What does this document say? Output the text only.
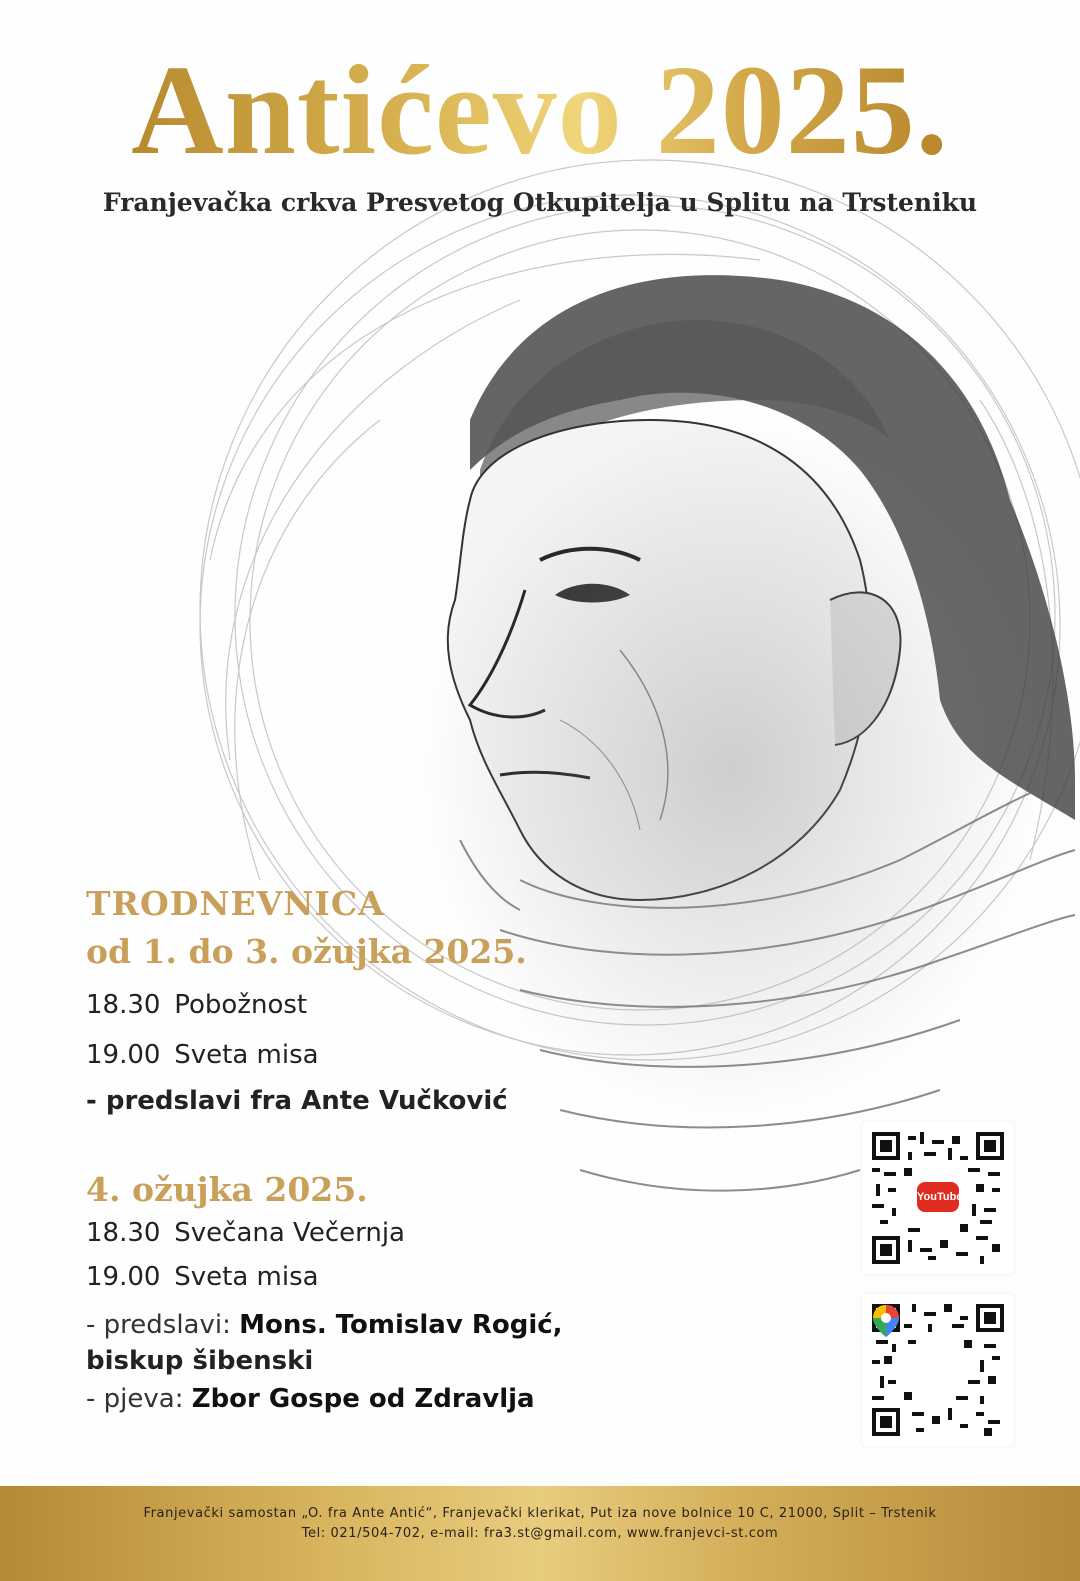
Antićevo 2025.
Franjevačka crkva Presvetog Otkupitelja u Splitu na Trsteniku
TRODNEVNICA
od 1. do 3. ožujka 2025.
18.30 Pobožnost
19.00 Sveta misa
- predslavi fra Ante Vučković
4. ožujka 2025.
18.30 Svečana Večernja
19.00 Sveta misa
- predslavi: Mons. Tomislav Rogić,
biskup šibenski
- pjeva: Zbor Gospe od Zdravlja
YouTube
Franjevački samostan „O. fra Ante Antić“, Franjevački klerikat, Put iza nove bolnice 10 C, 21000, Split – Trstenik
Tel: 021/504-702, e-mail: fra3.st@gmail.com, www.franjevci-st.com
